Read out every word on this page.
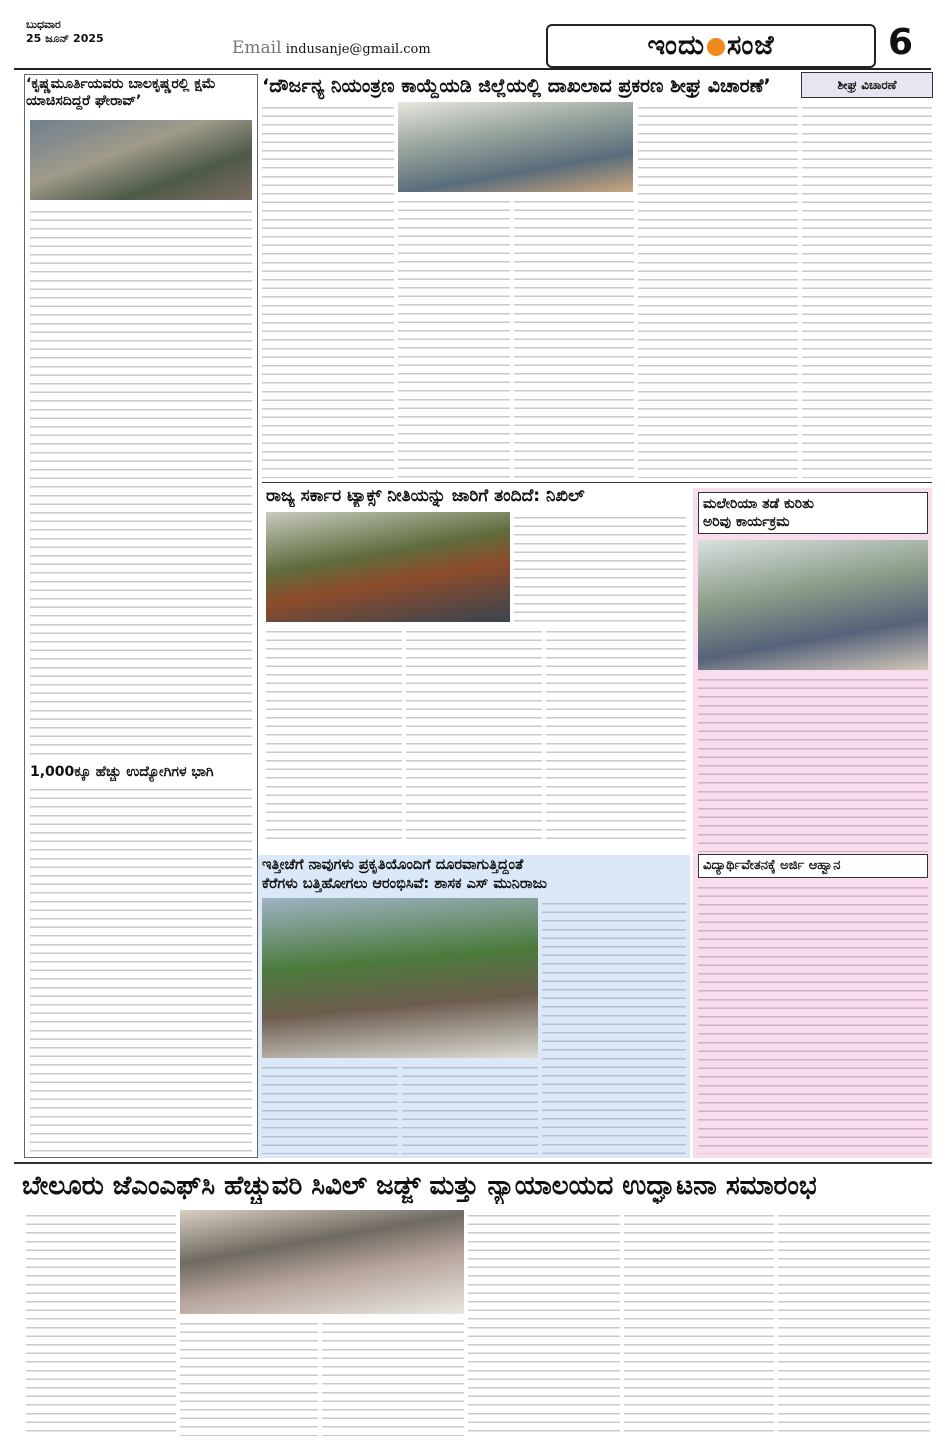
ಬುಧವಾರ
25 ಜೂನ್ 2025	Email indusanje@gmail.com	ಇಂದು ಸಂಜೆ	6
‘ದೌರ್ಜನ್ಯ ನಿಯಂತ್ರಣ ಕಾಯ್ದೆಯಡಿ ಜಿಲ್ಲೆಯಲ್ಲಿ ದಾಖಲಾದ ಪ್ರಕರಣ ಶೀಘ್ರ ವಿಚಾರಣೆ’	ಶೀಘ್ರ ವಿಚಾರಣೆ
‘ಕೃಷ್ಣಮೂರ್ತಿಯವರು ಬಾಲಕೃಷ್ಣರಲ್ಲಿ ಕ್ಷಮೆ ಯಾಚಿಸದಿದ್ದರೆ ಘೇರಾವ್’
1,000ಕ್ಕೂ ಹೆಚ್ಚು ಉದ್ಯೋಗಿಗಳ ಭಾಗಿ
ರಾಜ್ಯ ಸರ್ಕಾರ ಟ್ಯಾಕ್ಸ್ ನೀತಿಯನ್ನು ಜಾರಿಗೆ ತಂದಿದೆ: ನಿಖಿಲ್	ಮಲೇರಿಯಾ ತಡೆ ಕುರಿತು
ಅರಿವು ಕಾರ್ಯಕ್ರಮ
ವಿದ್ಯಾರ್ಥಿವೇತನಕ್ಕೆ ಅರ್ಜಿ ಆಹ್ವಾನ
ಇತ್ತೀಚೆಗೆ ನಾವುಗಳು ಪ್ರಕೃತಿಯೊಂದಿಗೆ ದೂರವಾಗುತ್ತಿದ್ದಂತೆ
ಕೆರೆಗಳು ಬತ್ತಿಹೋಗಲು ಆರಂಭಿಸಿವೆ: ಶಾಸಕ ಎಸ್ ಮುನಿರಾಜು
ಬೇಲೂರು ಜೆಎಂಎಫ್‌ಸಿ ಹೆಚ್ಚುವರಿ ಸಿವಿಲ್ ಜಡ್ಜ್ ಮತ್ತು ನ್ಯಾಯಾಲಯದ ಉದ್ಘಾಟನಾ ಸಮಾರಂಭ
